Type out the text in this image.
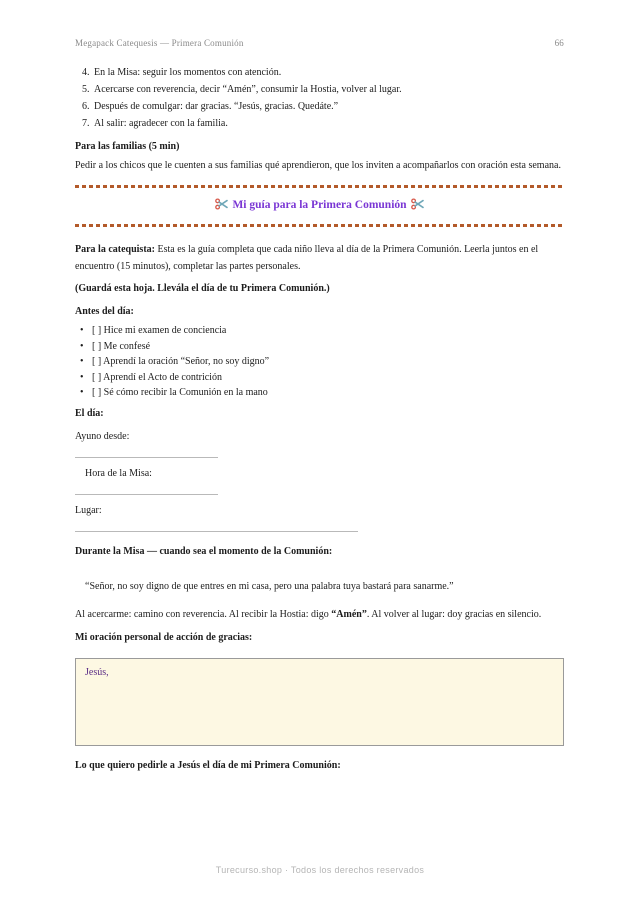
Megapack Catequesis — Primera Comunión	66
4. En la Misa: seguir los momentos con atención.
5. Acercarse con reverencia, decir “Amén”, consumir la Hostia, volver al lugar.
6. Después de comulgar: dar gracias. “Jesús, gracias. Quedáte.”
7. Al salir: agradecer con la familia.
Para las familias (5 min)
Pedir a los chicos que le cuenten a sus familias qué aprendieron, que los inviten a acompañarlos con oración esta semana.
Mi guía para la Primera Comunión
Para la catequista: Esta es la guía completa que cada niño lleva al día de la Primera Comunión. Leerla juntos en el encuentro (15 minutos), completar las partes personales.
(Guardá esta hoja. Llevála el día de tu Primera Comunión.)
Antes del día:
• [ ] Hice mi examen de conciencia
• [ ] Me confesé
• [ ] Aprendí la oración “Señor, no soy digno”
• [ ] Aprendí el Acto de contrición
• [ ] Sé cómo recibir la Comunión en la mano
El día:
Ayuno desde:
Hora de la Misa:
Lugar:
Durante la Misa — cuando sea el momento de la Comunión:
“Señor, no soy digno de que entres en mi casa, pero una palabra tuya bastará para sanarme.”
Al acercarme: camino con reverencia. Al recibir la Hostia: digo “Amén”. Al volver al lugar: doy gracias en silencio.
Mi oración personal de acción de gracias:
Jesús,
Lo que quiero pedirle a Jesús el día de mi Primera Comunión:
Turecurso.shop · Todos los derechos reservados
